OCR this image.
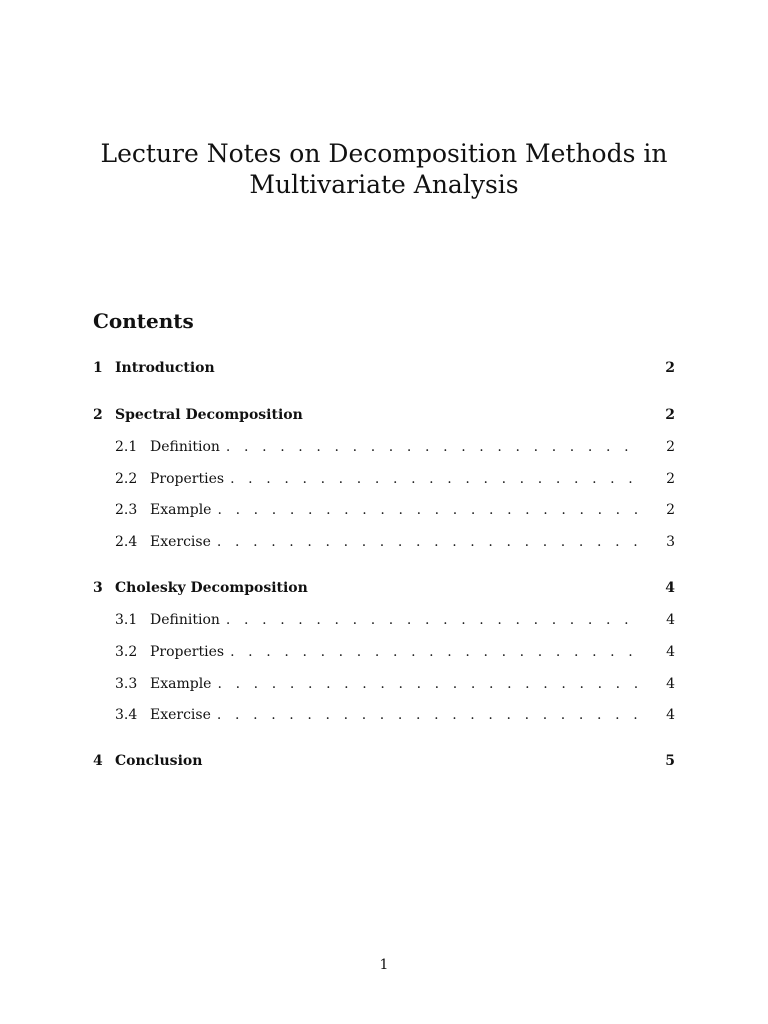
Lecture Notes on Decomposition Methods in
Multivariate Analysis
Contents
1 Introduction	2
2 Spectral Decomposition	2
2.1 Definition . . .	2
2.2 Properties . . .	2
2.3 Example . . .	2
2.4 Exercise . . .	3
3 Cholesky Decomposition	4
3.1 Definition . . .	4
3.2 Properties . . .	4
3.3 Example . . .	4
3.4 Exercise . . .	4
4 Conclusion	5
1
